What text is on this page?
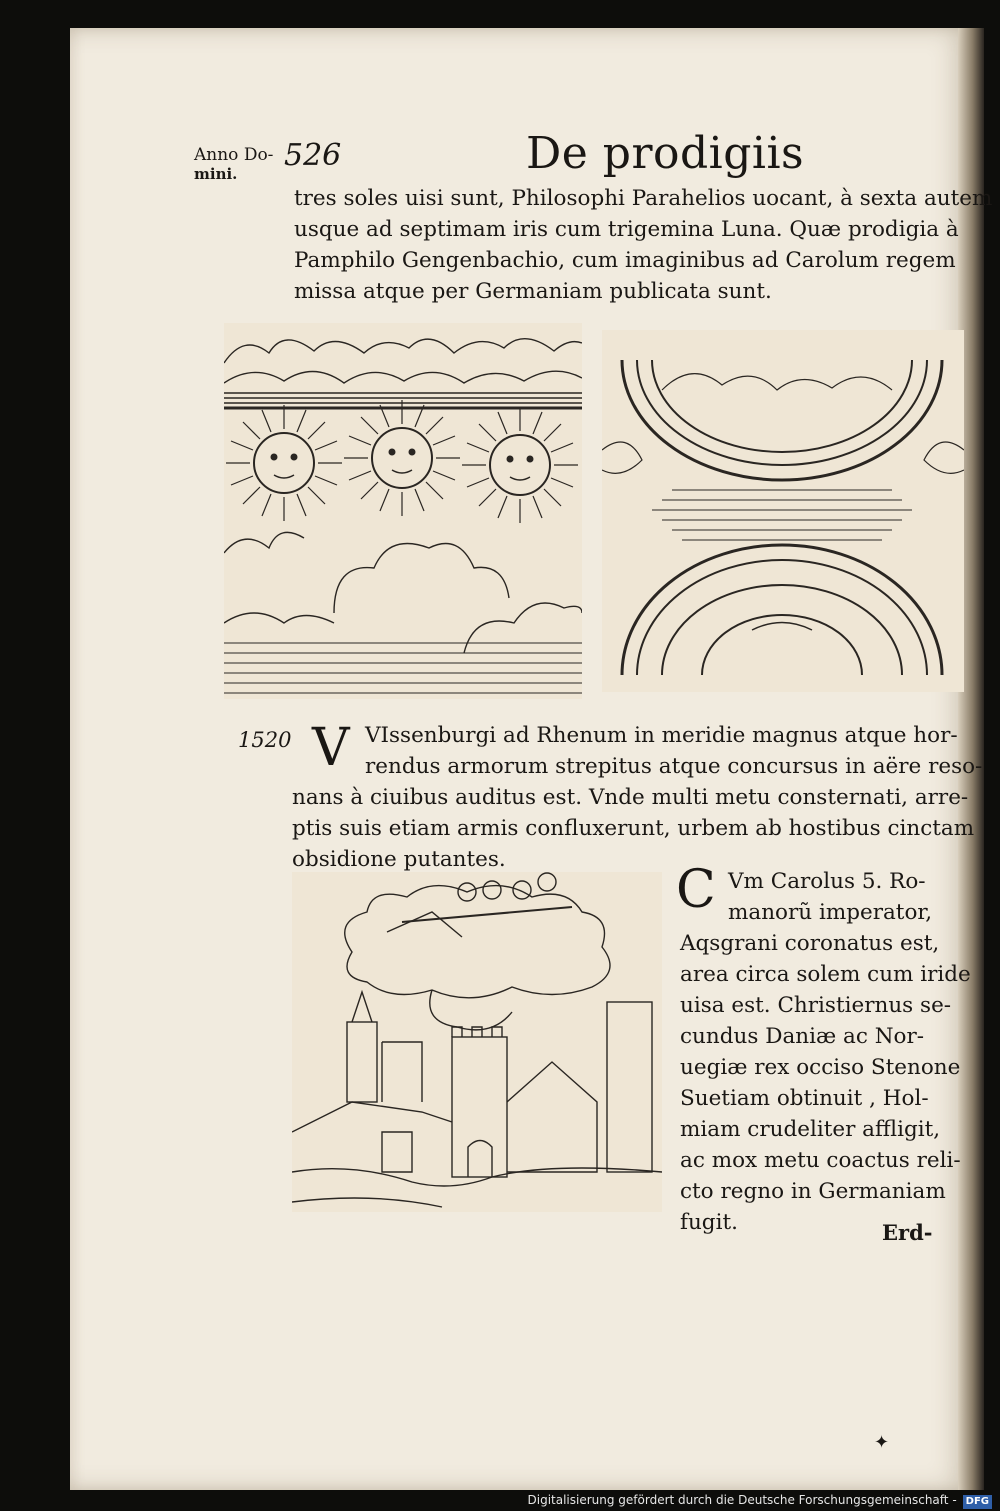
Anno Do-
mini.
526	De prodigiis
tres soles uisi sunt, Philosophi Parahelios uocant, à sexta autem
usque ad septimam iris cum trigemina Luna. Quæ prodigia à
Pamphilo Gengenbachio, cum imaginibus ad Carolum regem
missa atque per Germaniam publicata sunt.
1520 V VIssenburgi ad Rhenum in meridie magnus atque hor-
rendus armorum strepitus atque concursus in aëre reso-
nans à ciuibus auditus est. Vnde multi metu consternati, arre-
ptis suis etiam armis confluxerunt, urbem ab hostibus cinctam
obsidione putantes.
C Vm Carolus 5. Ro-
manorũ imperator,
Aqsgrani coronatus est,
area circa solem cum iride
uisa est. Christiernus se-
cundus Daniæ ac Nor-
uegiæ rex occiso Stenone
Suetiam obtinuit , Hol-
miam crudeliter affligit,
ac mox metu coactus reli-
cto regno in Germaniam
fugit.	Erd-
✦
Digitalisierung gefördert durch die Deutsche Forschungsgemeinschaft - DFG
